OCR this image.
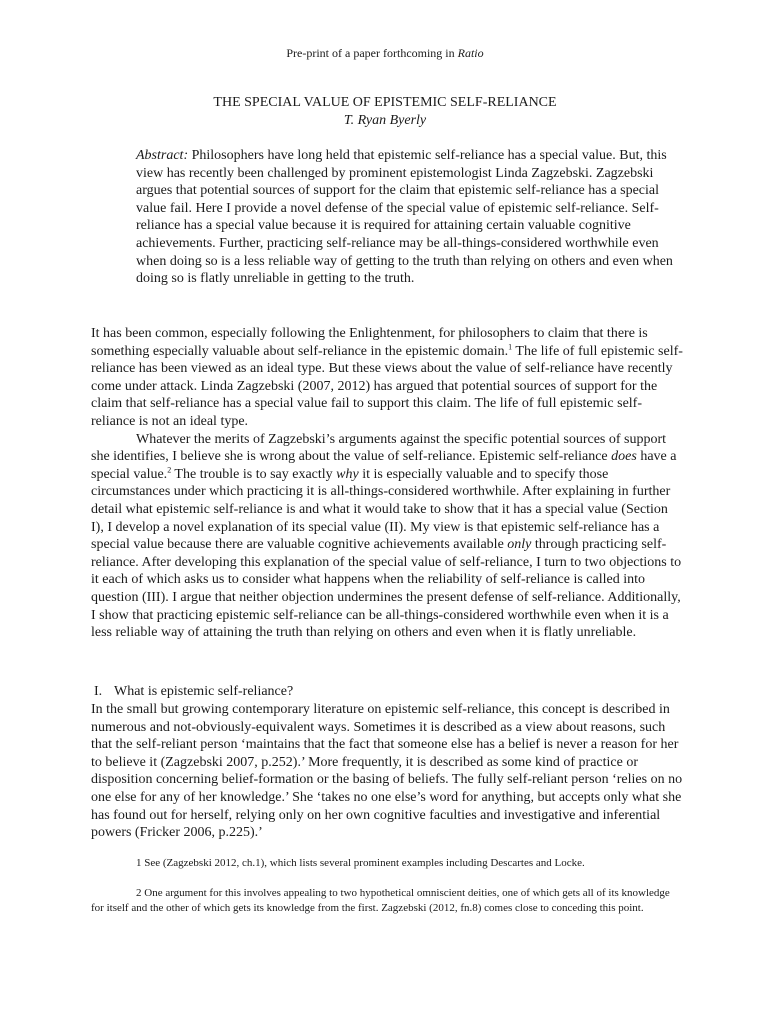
Pre-print of a paper forthcoming in Ratio
THE SPECIAL VALUE OF EPISTEMIC SELF-RELIANCE
T. Ryan Byerly

Abstract: Philosophers have long held that epistemic self-reliance has a special value. But, this view has recently been challenged by prominent epistemologist Linda Zagzebski. Zagzebski argues that potential sources of support for the claim that epistemic self-reliance has a special value fail. Here I provide a novel defense of the special value of epistemic self-reliance. Self-reliance has a special value because it is required for attaining certain valuable cognitive achievements. Further, practicing self-reliance may be all-things-considered worthwhile even when doing so is a less reliable way of getting to the truth than relying on others and even when doing so is flatly unreliable in getting to the truth.

It has been common, especially following the Enlightenment, for philosophers to claim that there is something especially valuable about self-reliance in the epistemic domain.$^1$ The life of full epistemic self-reliance has been viewed as an ideal type. But these views about the value of self-reliance have recently come under attack. Linda Zagzebski (2007, 2012) has argued that potential sources of support for the claim that self-reliance has a special value fail to support this claim. The life of full epistemic self-reliance is not an ideal type.

Whatever the merits of Zagzebski’s arguments against the specific potential sources of support she identifies, I believe she is wrong about the value of self-reliance. Epistemic self-reliance does have a special value.$^2$ The trouble is to say exactly why it is especially valuable and to specify those circumstances under which practicing it is all-things-considered worthwhile. After explaining in further detail what epistemic self-reliance is and what it would take to show that it has a special value (Section I), I develop a novel explanation of its special value (II). My view is that epistemic self-reliance has a special value because there are valuable cognitive achievements available only through practicing self-reliance. After developing this explanation of the special value of self-reliance, I turn to two objections to it each of which asks us to consider what happens when the reliability of self-reliance is called into question (III). I argue that neither objection undermines the present defense of self-reliance. Additionally, I show that practicing epistemic self-reliance can be all-things-considered worthwhile even when it is a less reliable way of attaining the truth than relying on others and even when it is flatly unreliable.

I. What is epistemic self-reliance?

In the small but growing contemporary literature on epistemic self-reliance, this concept is described in numerous and not-obviously-equivalent ways. Sometimes it is described as a view about reasons, such that the self-reliant person ‘maintains that the fact that someone else has a belief is never a reason for her to believe it (Zagzebski 2007, p.252).’ More frequently, it is described as some kind of practice or disposition concerning belief-formation or the basing of beliefs. The fully self-reliant person ‘relies on no one else for any of her knowledge.’ She ‘takes no one else’s word for anything, but accepts only what she has found out for herself, relying only on her own cognitive faculties and investigative and inferential powers (Fricker 2006, p.225).’

1 See (Zagzebski 2012, ch.1), which lists several prominent examples including Descartes and Locke.

2 One argument for this involves appealing to two hypothetical omniscient deities, one of which gets all of its knowledge for itself and the other of which gets its knowledge from the first. Zagzebski (2012, fn.8) comes close to conceding this point.
